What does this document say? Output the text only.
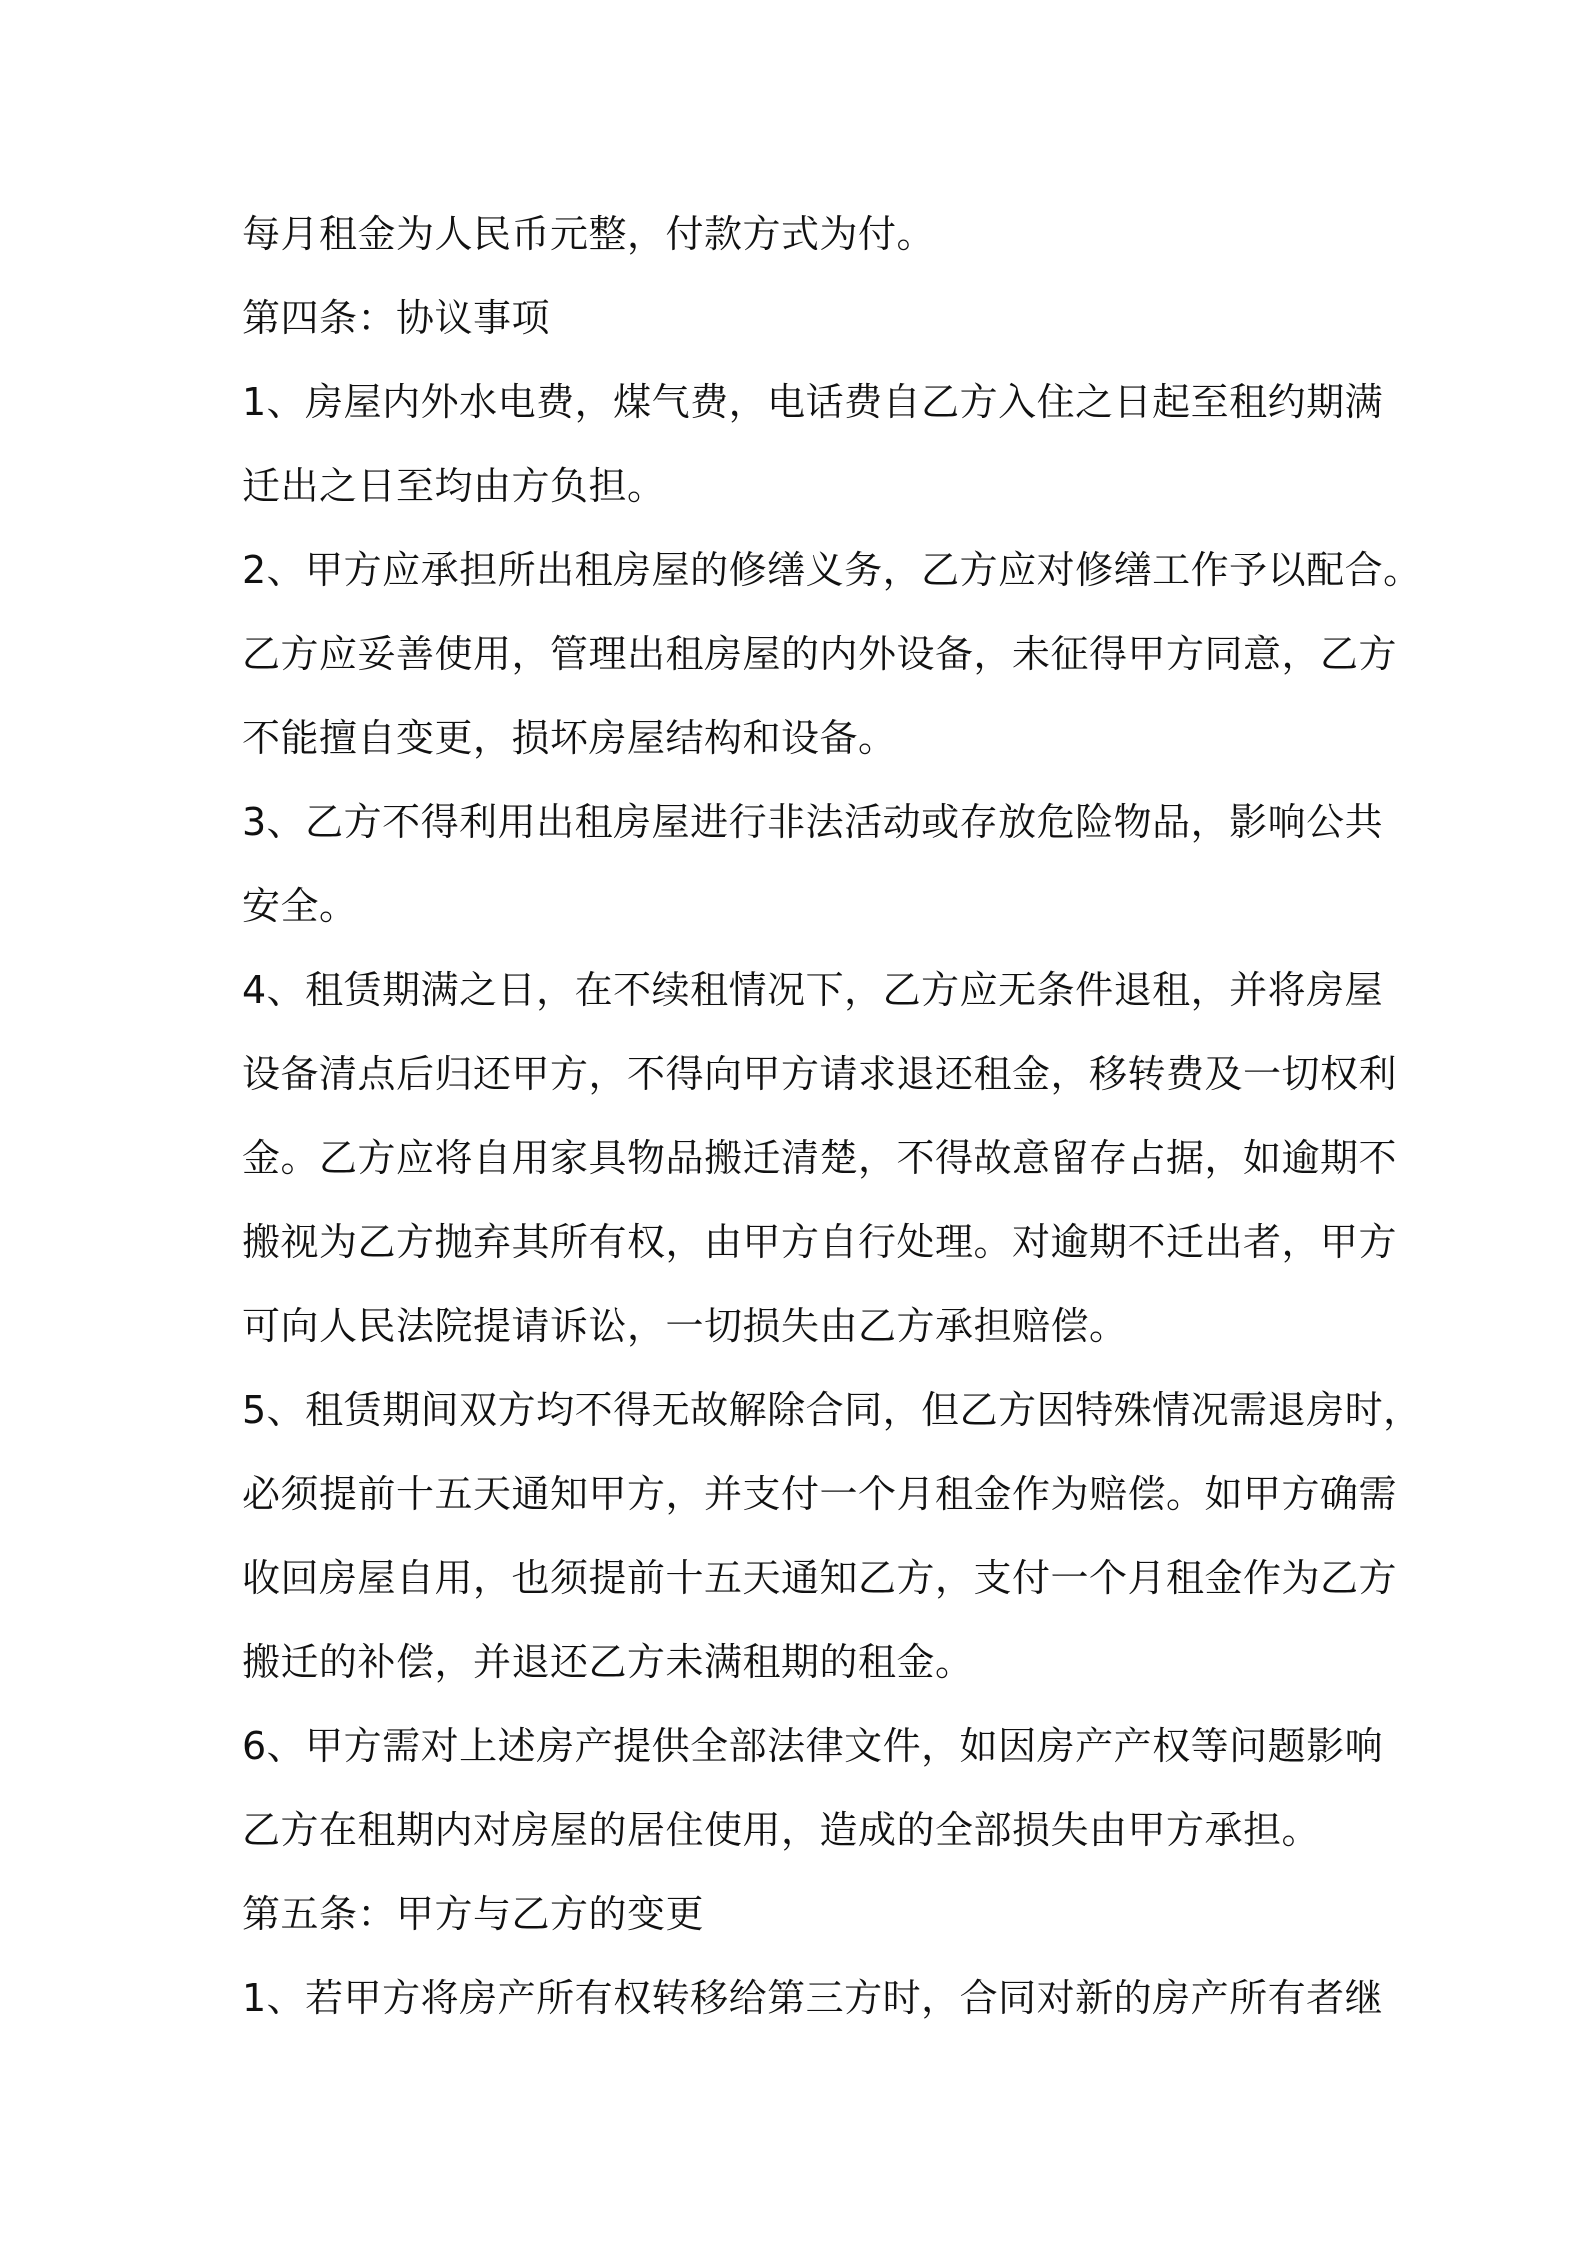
每月租金为人民币元整，付款方式为付。
第四条：协议事项
1、房屋内外水电费，煤气费，电话费自乙方入住之日起至租约期满
迁出之日至均由方负担。
2、甲方应承担所出租房屋的修缮义务，乙方应对修缮工作予以配合。
乙方应妥善使用，管理出租房屋的内外设备，未征得甲方同意，乙方
不能擅自变更，损坏房屋结构和设备。
3、乙方不得利用出租房屋进行非法活动或存放危险物品，影响公共
安全。
4、租赁期满之日，在不续租情况下，乙方应无条件退租，并将房屋
设备清点后归还甲方，不得向甲方请求退还租金，移转费及一切权利
金。乙方应将自用家具物品搬迁清楚，不得故意留存占据，如逾期不
搬视为乙方抛弃其所有权，由甲方自行处理。对逾期不迁出者，甲方
可向人民法院提请诉讼，一切损失由乙方承担赔偿。
5、租赁期间双方均不得无故解除合同，但乙方因特殊情况需退房时，
必须提前十五天通知甲方，并支付一个月租金作为赔偿。如甲方确需
收回房屋自用，也须提前十五天通知乙方，支付一个月租金作为乙方
搬迁的补偿，并退还乙方未满租期的租金。
6、甲方需对上述房产提供全部法律文件，如因房产产权等问题影响
乙方在租期内对房屋的居住使用，造成的全部损失由甲方承担。
第五条：甲方与乙方的变更
1、若甲方将房产所有权转移给第三方时，合同对新的房产所有者继
